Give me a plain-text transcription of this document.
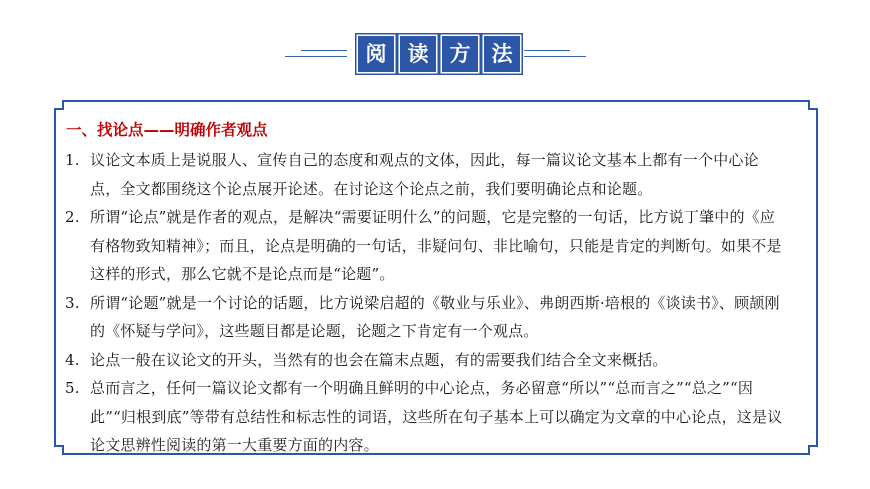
阅	读	方	法
一、找论点——明确作者观点
1. 议论文本质上是说服人、宣传自己的态度和观点的文体，因此，每一篇议论文基本上都有一个中心论点，全文都围绕这个论点展开论述。在讨论这个论点之前，我们要明确论点和论题。
2. 所谓“论点”就是作者的观点，是解决“需要证明什么”的问题，它是完整的一句话，比方说丁肇中的《应有格物致知精神》；而且，论点是明确的一句话，非疑问句、非比喻句，只能是肯定的判断句。如果不是这样的形式，那么它就不是论点而是“论题”。
3. 所谓“论题”就是一个讨论的话题，比方说梁启超的《敬业与乐业》、弗朗西斯·培根的《谈读书》、顾颉刚的《怀疑与学问》，这些题目都是论题，论题之下肯定有一个观点。
4. 论点一般在议论文的开头，当然有的也会在篇末点题，有的需要我们结合全文来概括。
5. 总而言之，任何一篇议论文都有一个明确且鲜明的中心论点，务必留意“所以”“总而言之”“总之”“因此”“归根到底”等带有总结性和标志性的词语，这些所在句子基本上可以确定为文章的中心论点，这是议论文思辨性阅读的第一大重要方面的内容。
